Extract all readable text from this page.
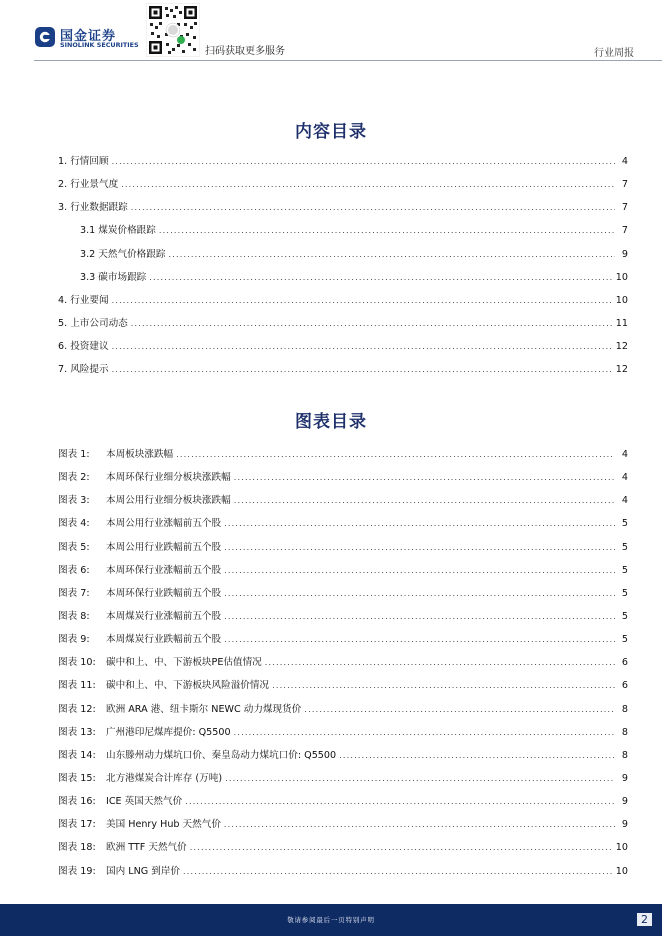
国金证券
SINOLINK SECURITIES
扫码获取更多服务	行业周报
内容目录
1. 行情回顾 .....	4
2. 行业景气度 .....	7
3. 行业数据跟踪 .....	7
3.1 煤炭价格跟踪 .....	7
3.2 天然气价格跟踪 .....	9
3.3 碳市场跟踪 .....	10
4. 行业要闻 .....	10
5. 上市公司动态 .....	11
6. 投资建议 .....	12
7. 风险提示 .....	12
图表目录
图表 1: 本周板块涨跌幅 .....	4
图表 2: 本周环保行业细分板块涨跌幅 .....	4
图表 3: 本周公用行业细分板块涨跌幅 .....	4
图表 4: 本周公用行业涨幅前五个股 .....	5
图表 5: 本周公用行业跌幅前五个股 .....	5
图表 6: 本周环保行业涨幅前五个股 .....	5
图表 7: 本周环保行业跌幅前五个股 .....	5
图表 8: 本周煤炭行业涨幅前五个股 .....	5
图表 9: 本周煤炭行业跌幅前五个股 .....	5
图表 10: 碳中和上、中、下游板块PE估值情况 .....	6
图表 11: 碳中和上、中、下游板块风险溢价情况 .....	6
图表 12: 欧洲 ARA 港、纽卡斯尔 NEWC 动力煤现货价 .....	8
图表 13: 广州港印尼煤库提价: Q5500 .....	8
图表 14: 山东滕州动力煤坑口价、秦皇岛动力煤坑口价: Q5500 .....	8
图表 15: 北方港煤炭合计库存 (万吨) .....	9
图表 16: ICE 英国天然气价 .....	9
图表 17: 美国 Henry Hub 天然气价 .....	9
图表 18: 欧洲 TTF 天然气价 .....	10
图表 19: 国内 LNG 到岸价 .....	10
敬请参阅最后一页特别声明	2
